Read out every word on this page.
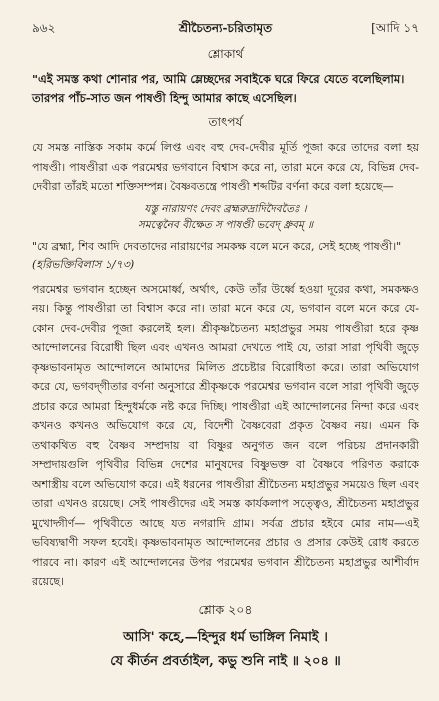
৯৬২	শ্রীচৈতন্য-চরিতামৃত	[আদি ১৭
শ্লোকার্থ
"এই সমস্ত কথা শোনার পর, আমি ম্লেচ্ছদের সবাইকে ঘরে ফিরে যেতে বলেছিলাম। তারপর পাঁচ-সাত জন পাষণ্ডী হিন্দু আমার কাছে এসেছিল।
তাৎপর্য
যে সমস্ত নাস্তিক সকাম কর্মে লিপ্ত এবং বহু দেব-দেবীর মূর্তি পূজা করে তাদের বলা হয় পাষণ্ডী। পাষণ্ডীরা এক পরমেশ্বর ভগবানে বিশ্বাস করে না, তারা মনে করে যে, বিভিন্ন দেব-দেবীরা তাঁরই মতো শক্তিসম্পন্ন। বৈষ্ণবতন্ত্রে পাষণ্ডী শব্দটির বর্ণনা করে বলা হয়েছে—
যস্তু নারায়ণং দেবং ব্রহ্মরুদ্রাদিদৈবতৈঃ ।
সমত্বেনৈব বীক্ষেত স পাষণ্ডী ভবেদ্ ধ্রুবম্ ॥
"যে ব্রহ্মা, শিব আদি দেবতাদের নারায়ণের সমকক্ষ বলে মনে করে, সেই হচ্ছে পাষণ্ডী।"
(হরিভক্তিবিলাস ১/৭৩)
পরমেশ্বর ভগবান হচ্ছেন অসমোর্ধ্ব, অর্থাৎ, কেউ তাঁর উর্ধ্বে হওয়া দূরের কথা, সমকক্ষও নয়। কিন্তু পাষণ্ডীরা তা বিশ্বাস করে না। তারা মনে করে যে, ভগবান বলে মনে করে যে-কোন দেব-দেবীর পূজা করলেই হল। শ্রীকৃষ্ণচৈতন্য মহাপ্রভুর সময় পাষণ্ডীরা হরে কৃষ্ণ আন্দোলনের বিরোধী ছিল এবং এখনও আমরা দেখতে পাই যে, তারা সারা পৃথিবী জুড়ে কৃষ্ণভাবনামৃত আন্দোলনে আমাদের মিলিত প্রচেষ্টার বিরোধিতা করে। তারা অভিযোগ করে যে, ভগবদ্‌গীতার বর্ণনা অনুসারে শ্রীকৃষ্ণকে পরমেশ্বর ভগবান বলে সারা পৃথিবী জুড়ে প্রচার করে আমরা হিন্দুধর্মকে নষ্ট করে দিচ্ছি। পাষণ্ডীরা এই আন্দোলনের নিন্দা করে এবং কখনও কখনও অভিযোগ করে যে, বিদেশী বৈষ্ণবেরা প্রকৃত বৈষ্ণব নয়। এমন কি তথাকথিত বহু বৈষ্ণব সম্প্রদায় বা বিষ্ণুর অনুগত জন বলে পরিচয় প্রদানকারী সম্প্রদায়গুলি পৃথিবীর বিভিন্ন দেশের মানুষদের বিষ্ণুভক্ত বা বৈষ্ণবে পরিণত করাকে অশাস্ত্রীয় বলে অভিযোগ করে। এই ধরনের পাষণ্ডীরা শ্রীচৈতন্য মহাপ্রভুর সময়েও ছিল এবং তারা এখনও রয়েছে। সেই পাষণ্ডীদের এই সমস্ত কার্যকলাপ সত্ত্বেও, শ্রীচৈতন্য মহাপ্রভুর মুখোদ্গীর্ণ— পৃথিবীতে আছে যত নগরাদি গ্রাম। সর্বত্র প্রচার হইবে মোর নাম—এই ভবিষ্যদ্বাণী সফল হবেই। কৃষ্ণভাবনামৃত আন্দোলনের প্রচার ও প্রসার কেউই রোধ করতে পারবে না। কারণ এই আন্দোলনের উপর পরমেশ্বর ভগবান শ্রীচৈতন্য মহাপ্রভুর আশীর্বাদ রয়েছে।
শ্লোক ২০৪
আসি' কহে,—হিন্দুর ধর্ম ভাঙ্গিল নিমাই ।
যে কীর্তন প্রবর্তাইল, কভু শুনি নাই ॥ ২০৪ ॥
